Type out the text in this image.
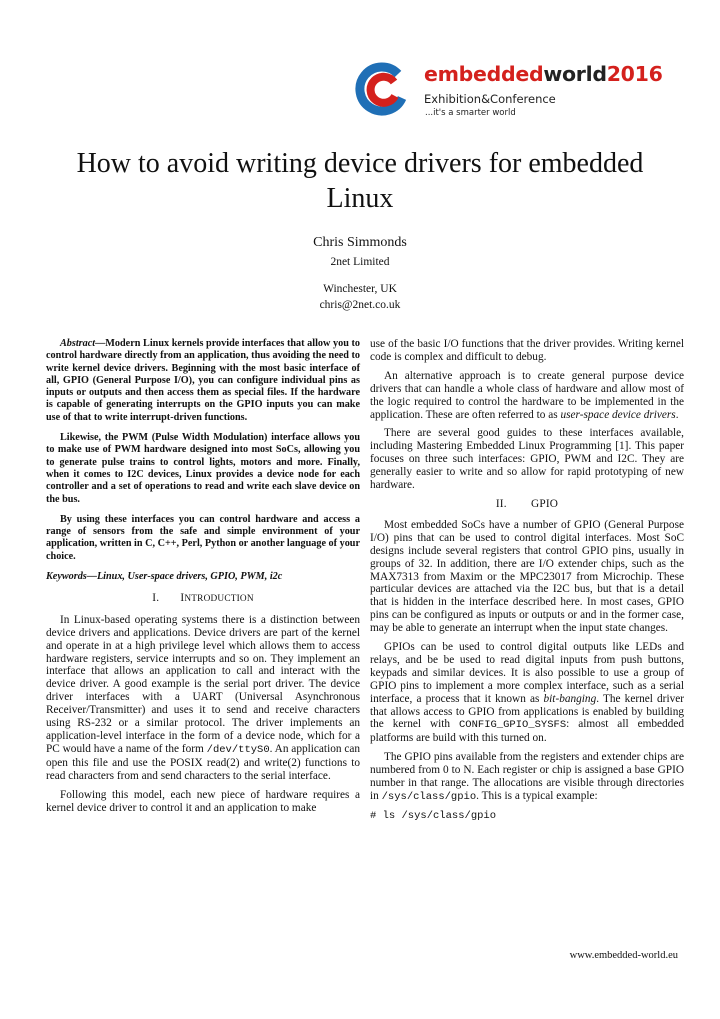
embeddedworld2016
Exhibition&Conference
...it's a smarter world
How to avoid writing device drivers for embedded Linux
Chris Simmonds
2net Limited
Winchester, UK
chris@2net.co.uk

Abstract—Modern Linux kernels provide interfaces that allow you to control hardware directly from an application, thus avoiding the need to write kernel device drivers. Beginning with the most basic interface of all, GPIO (General Purpose I/O), you can configure individual pins as inputs or outputs and then access them as special files. If the hardware is capable of generating interrupts on the GPIO inputs you can make use of that to write interrupt-driven functions.

Likewise, the PWM (Pulse Width Modulation) interface allows you to make use of PWM hardware designed into most SoCs, allowing you to generate pulse trains to control lights, motors and more. Finally, when it comes to I2C devices, Linux provides a device node for each controller and a set of operations to read and write each slave device on the bus.

By using these interfaces you can control hardware and access a range of sensors from the safe and simple environment of your application, written in C, C++, Perl, Python or another language of your choice.

Keywords—Linux, User-space drivers, GPIO, PWM, i2c

I. INTRODUCTION

In Linux-based operating systems there is a distinction between device drivers and applications. Device drivers are part of the kernel and operate in at a high privilege level which allows them to access hardware registers, service interrupts and so on. They implement an interface that allows an application to call and interact with the device driver. A good example is the serial port driver. The device driver interfaces with a UART (Universal Asynchronous Receiver/Transmitter) and uses it to send and receive characters using RS-232 or a similar protocol. The driver implements an application-level interface in the form of a device node, which for a PC would have a name of the form /dev/ttyS0. An application can open this file and use the POSIX read(2) and write(2) functions to read characters from and send characters to the serial interface.

Following this model, each new piece of hardware requires a kernel device driver to control it and an application to make

use of the basic I/O functions that the driver provides. Writing kernel code is complex and difficult to debug.

An alternative approach is to create general purpose device drivers that can handle a whole class of hardware and allow most of the logic required to control the hardware to be implemented in the application. These are often referred to as user-space device drivers.

There are several good guides to these interfaces available, including Mastering Embedded Linux Programming [1]. This paper focuses on three such interfaces: GPIO, PWM and I2C. They are generally easier to write and so allow for rapid prototyping of new hardware.

II.        GPIO

Most embedded SoCs have a number of GPIO (General Purpose I/O) pins that can be used to control digital interfaces. Most SoC designs include several registers that control GPIO pins, usually in groups of 32. In addition, there are I/O extender chips, such as the MAX7313 from Maxim or the MPC23017 from Microchip. These particular devices are attached via the I2C bus, but that is a detail that is hidden in the interface described here. In most cases, GPIO pins can be configured as inputs or outputs or and in the former case, may be able to generate an interrupt when the input state changes.

GPIOs can be used to control digital outputs like LEDs and relays, and be be used to read digital inputs from push buttons, keypads and similar devices. It is also possible to use a group of GPIO pins to implement a more complex interface, such as a serial interface, a process that it known as bit-banging. The kernel driver that allows access to GPIO from applications is enabled by building the kernel with CONFIG_GPIO_SYSFS: almost all embedded platforms are build with this turned on.

The GPIO pins available from the registers and extender chips are numbered from 0 to N. Each register or chip is assigned a base GPIO number in that range. The allocations are visible through directories in /sys/class/gpio. This is a typical example:

# ls /sys/class/gpio
www.embedded-world.eu
